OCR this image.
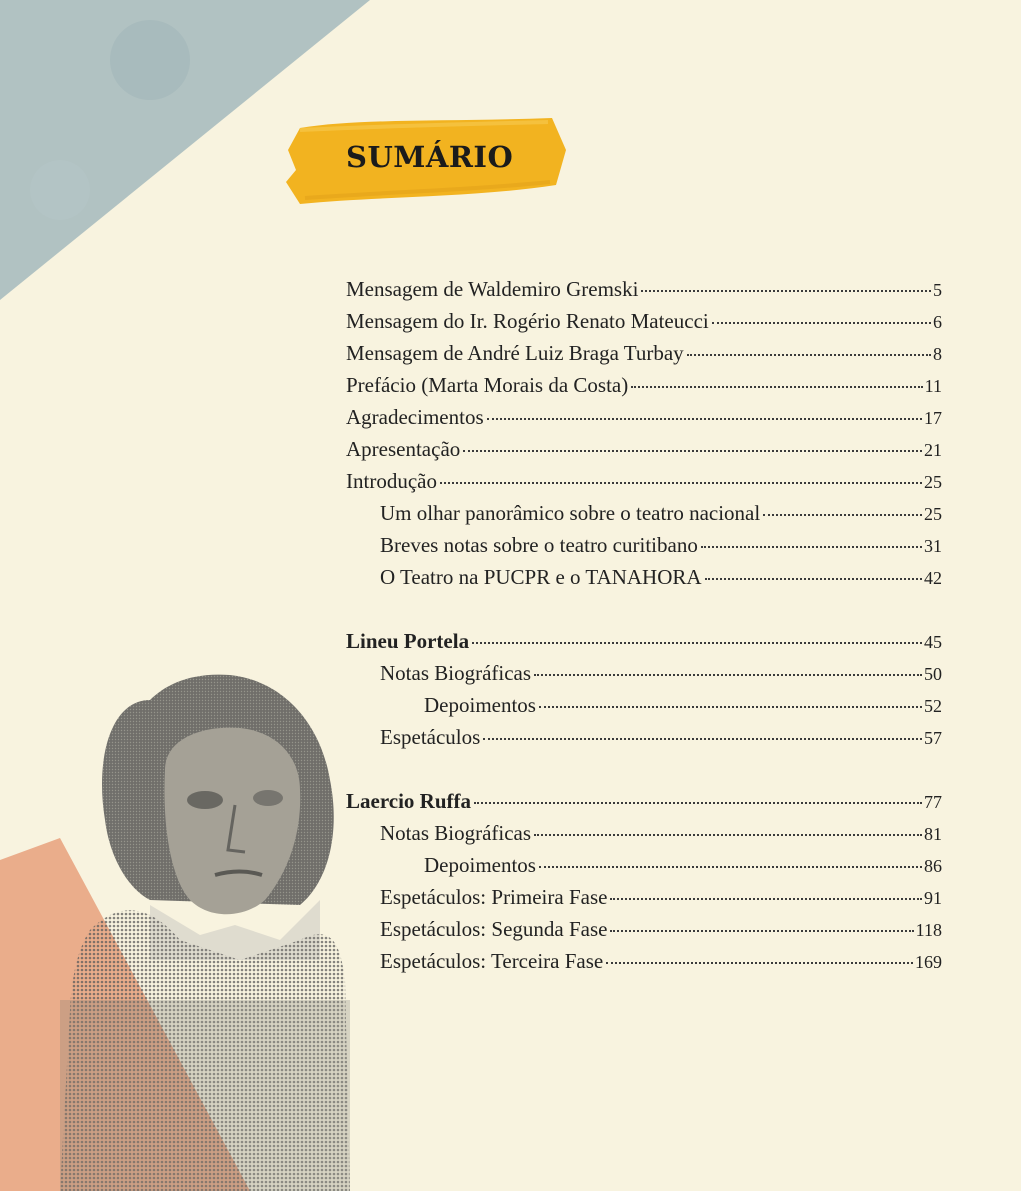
SUMÁRIO
Mensagem de Waldemiro Gremski	5
Mensagem do Ir. Rogério Renato Mateucci	6
Mensagem de André Luiz Braga Turbay	8
Prefácio (Marta Morais da Costa)	11
Agradecimentos	17
Apresentação	21
Introdução	25
Um olhar panorâmico sobre o teatro nacional	25
Breves notas sobre o teatro curitibano	31
O Teatro na PUCPR e o TANAHORA	42
Lineu Portela	45
Notas Biográficas	50
Depoimentos	52
Espetáculos	57
Laercio Ruffa	77
Notas Biográficas	81
Depoimentos	86
Espetáculos: Primeira Fase	91
Espetáculos: Segunda Fase	118
Espetáculos: Terceira Fase	169
